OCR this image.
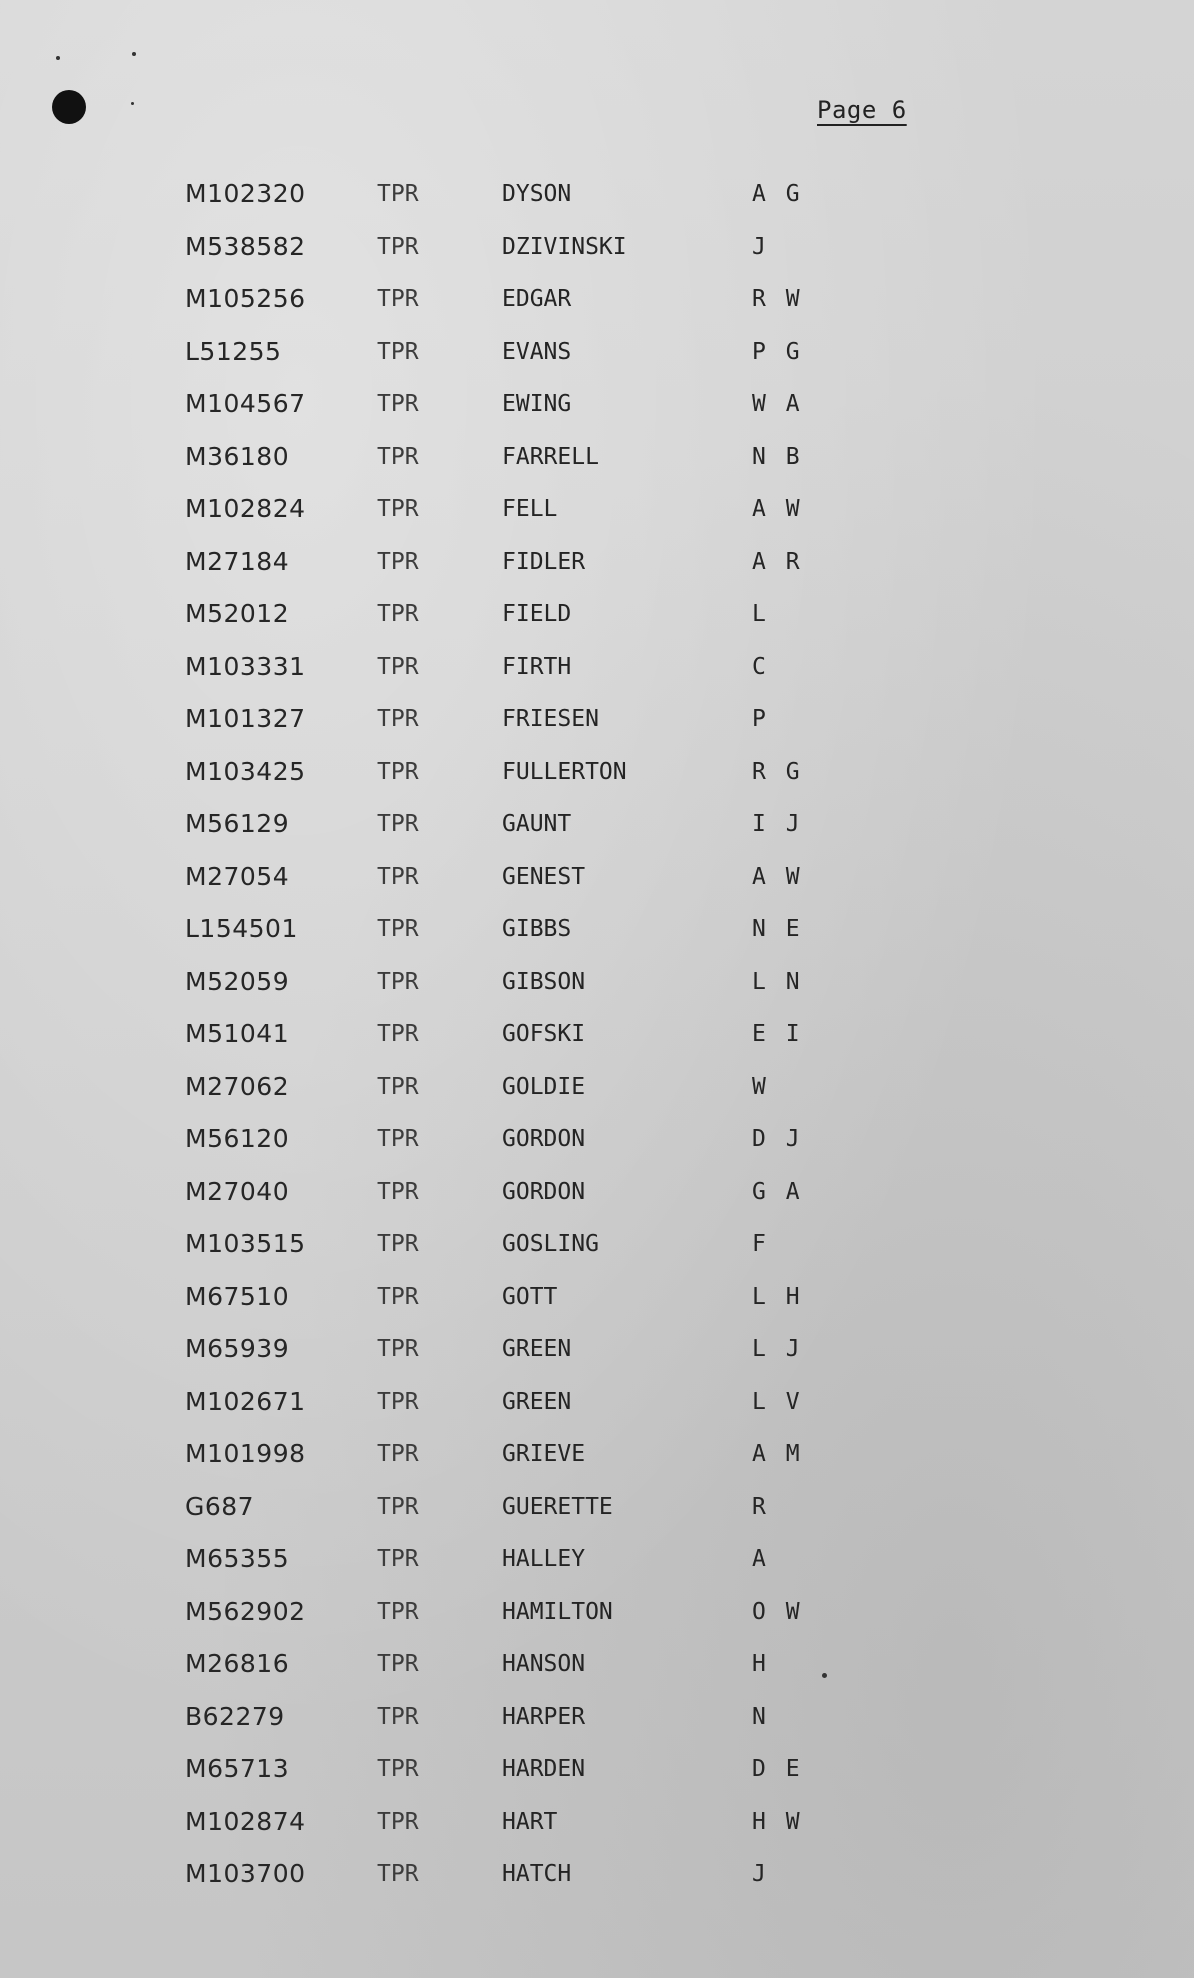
Page 6
M102320	TPR	DYSON	A G
M538582	TPR	DZIVINSKI	J
M105256	TPR	EDGAR	R W
L51255	TPR	EVANS	P G
M104567	TPR	EWING	W A
M36180	TPR	FARRELL	N B
M102824	TPR	FELL	A W
M27184	TPR	FIDLER	A R
M52012	TPR	FIELD	L
M103331	TPR	FIRTH	C
M101327	TPR	FRIESEN	P
M103425	TPR	FULLERTON	R G
M56129	TPR	GAUNT	I J
M27054	TPR	GENEST	A W
L154501	TPR	GIBBS	N E
M52059	TPR	GIBSON	L N
M51041	TPR	GOFSKI	E I
M27062	TPR	GOLDIE	W
M56120	TPR	GORDON	D J
M27040	TPR	GORDON	G A
M103515	TPR	GOSLING	F
M67510	TPR	GOTT	L H
M65939	TPR	GREEN	L J
M102671	TPR	GREEN	L V
M101998	TPR	GRIEVE	A M
G687	TPR	GUERETTE	R
M65355	TPR	HALLEY	A
M562902	TPR	HAMILTON	O W
M26816	TPR	HANSON	H
B62279	TPR	HARPER	N
M65713	TPR	HARDEN	D E
M102874	TPR	HART	H W
M103700	TPR	HATCH	J
